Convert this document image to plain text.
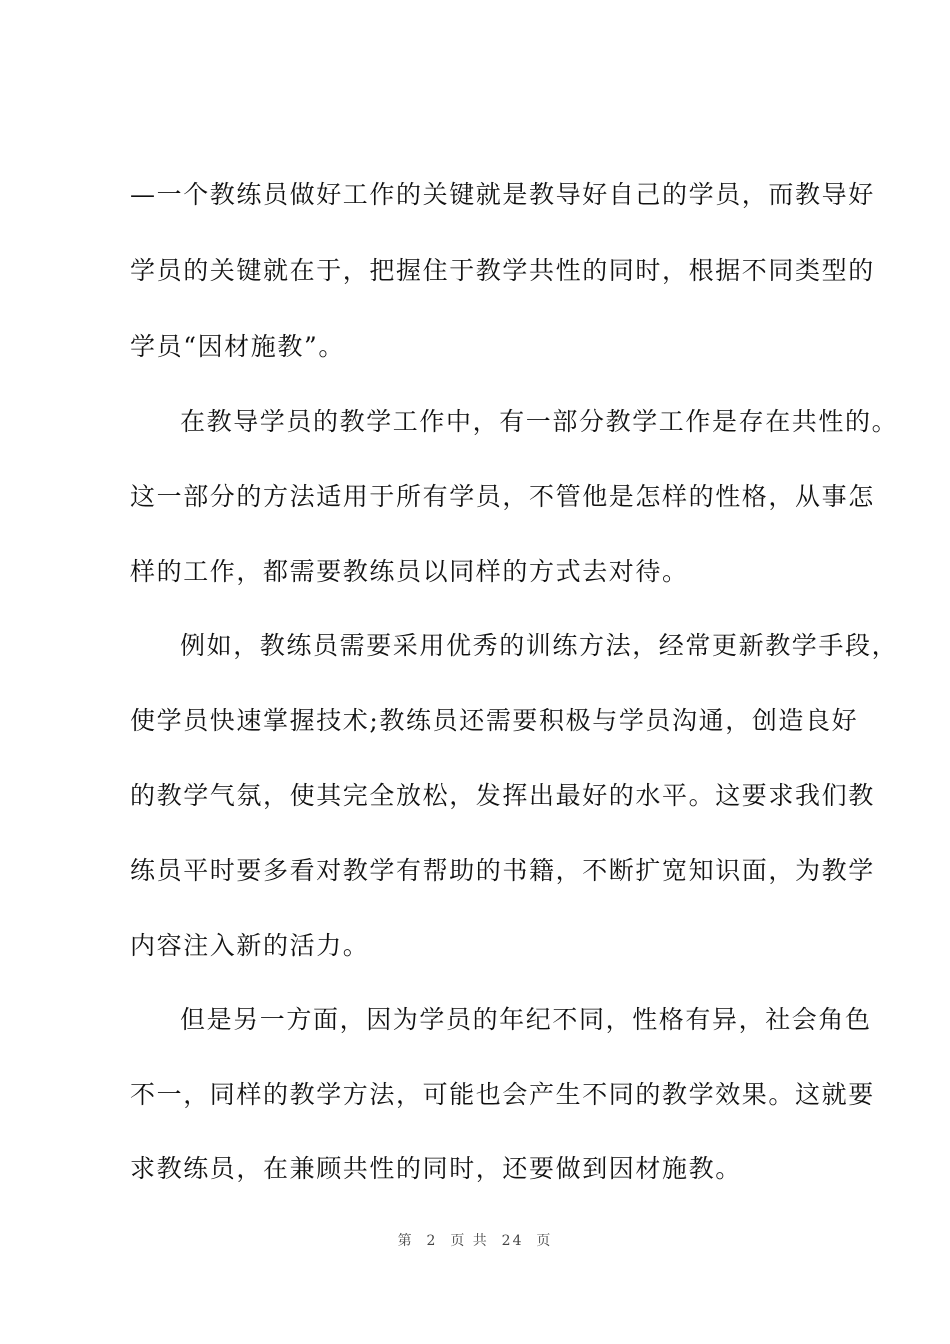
—一个教练员做好工作的关键就是教导好自己的学员，而教导好
学员的关键就在于，把握住于教学共性的同时，根据不同类型的
学员“因材施教”。
在教导学员的教学工作中，有一部分教学工作是存在共性的。
这一部分的方法适用于所有学员，不管他是怎样的性格，从事怎
样的工作，都需要教练员以同样的方式去对待。
例如，教练员需要采用优秀的训练方法，经常更新教学手段，
使学员快速掌握技术;教练员还需要积极与学员沟通，创造良好
的教学气氛，使其完全放松，发挥出最好的水平。这要求我们教
练员平时要多看对教学有帮助的书籍，不断扩宽知识面，为教学
内容注入新的活力。
但是另一方面，因为学员的年纪不同，性格有异，社会角色
不一，同样的教学方法，可能也会产生不同的教学效果。这就要
求教练员，在兼顾共性的同时，还要做到因材施教。
第  2  页 共  24  页
